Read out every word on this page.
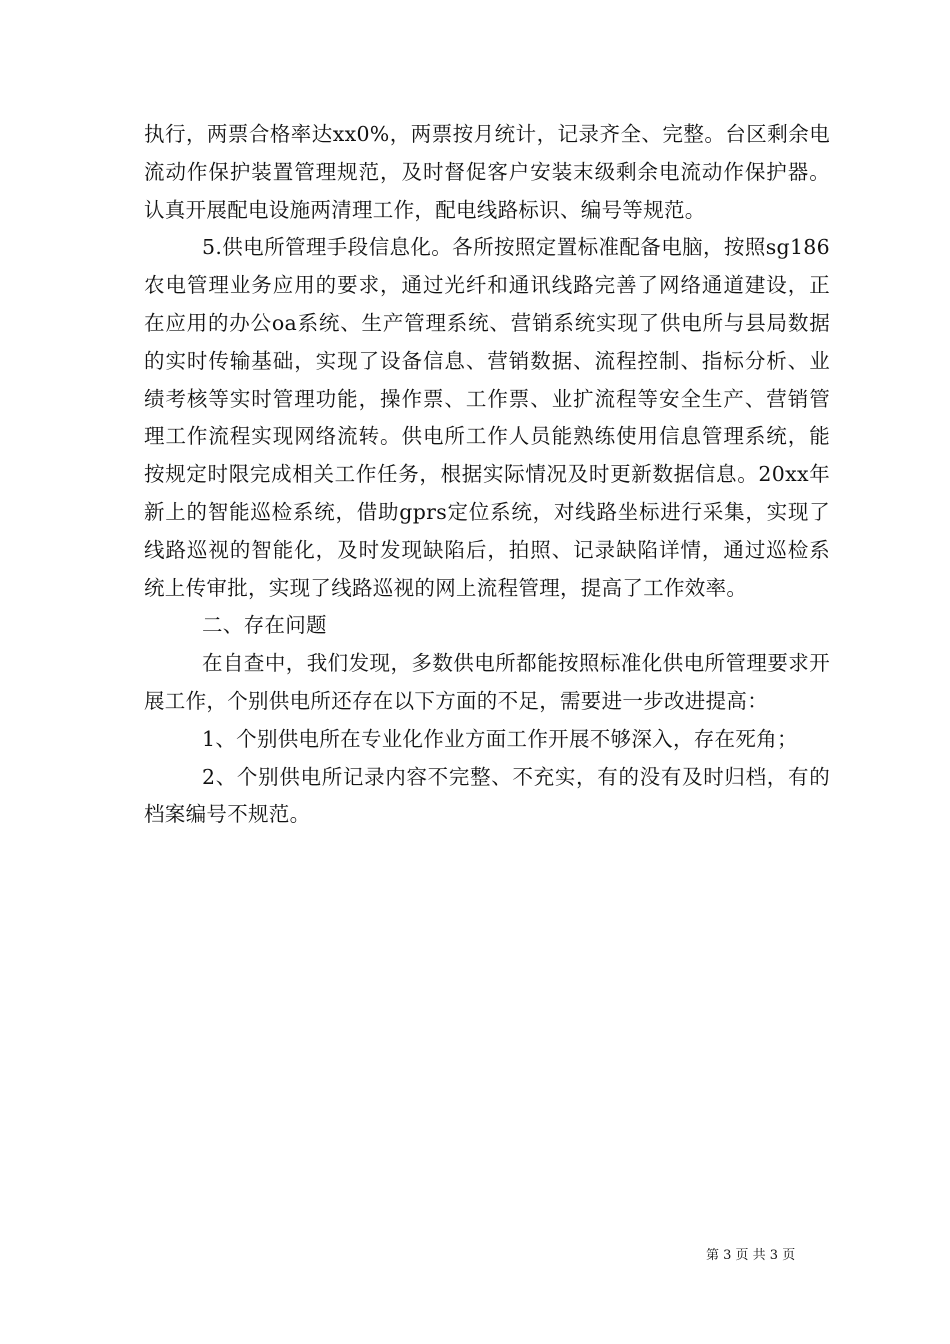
执行，两票合格率达xx0%，两票按月统计，记录齐全、完整。台区剩余电流动作保护装置管理规范，及时督促客户安装末级剩余电流动作保护器。认真开展配电设施两清理工作，配电线路标识、编号等规范。

5.供电所管理手段信息化。各所按照定置标准配备电脑，按照sg186农电管理业务应用的要求，通过光纤和通讯线路完善了网络通道建设，正在应用的办公oa系统、生产管理系统、营销系统实现了供电所与县局数据的实时传输基础，实现了设备信息、营销数据、流程控制、指标分析、业绩考核等实时管理功能，操作票、工作票、业扩流程等安全生产、营销管理工作流程实现网络流转。供电所工作人员能熟练使用信息管理系统，能按规定时限完成相关工作任务，根据实际情况及时更新数据信息。20xx年新上的智能巡检系统，借助gprs定位系统，对线路坐标进行采集，实现了线路巡视的智能化，及时发现缺陷后，拍照、记录缺陷详情，通过巡检系统上传审批，实现了线路巡视的网上流程管理，提高了工作效率。

二、存在问题

在自查中，我们发现，多数供电所都能按照标准化供电所管理要求开展工作，个别供电所还存在以下方面的不足，需要进一步改进提高：

1、个别供电所在专业化作业方面工作开展不够深入，存在死角；

2、个别供电所记录内容不完整、不充实，有的没有及时归档，有的档案编号不规范。

第 3 页 共 3 页
